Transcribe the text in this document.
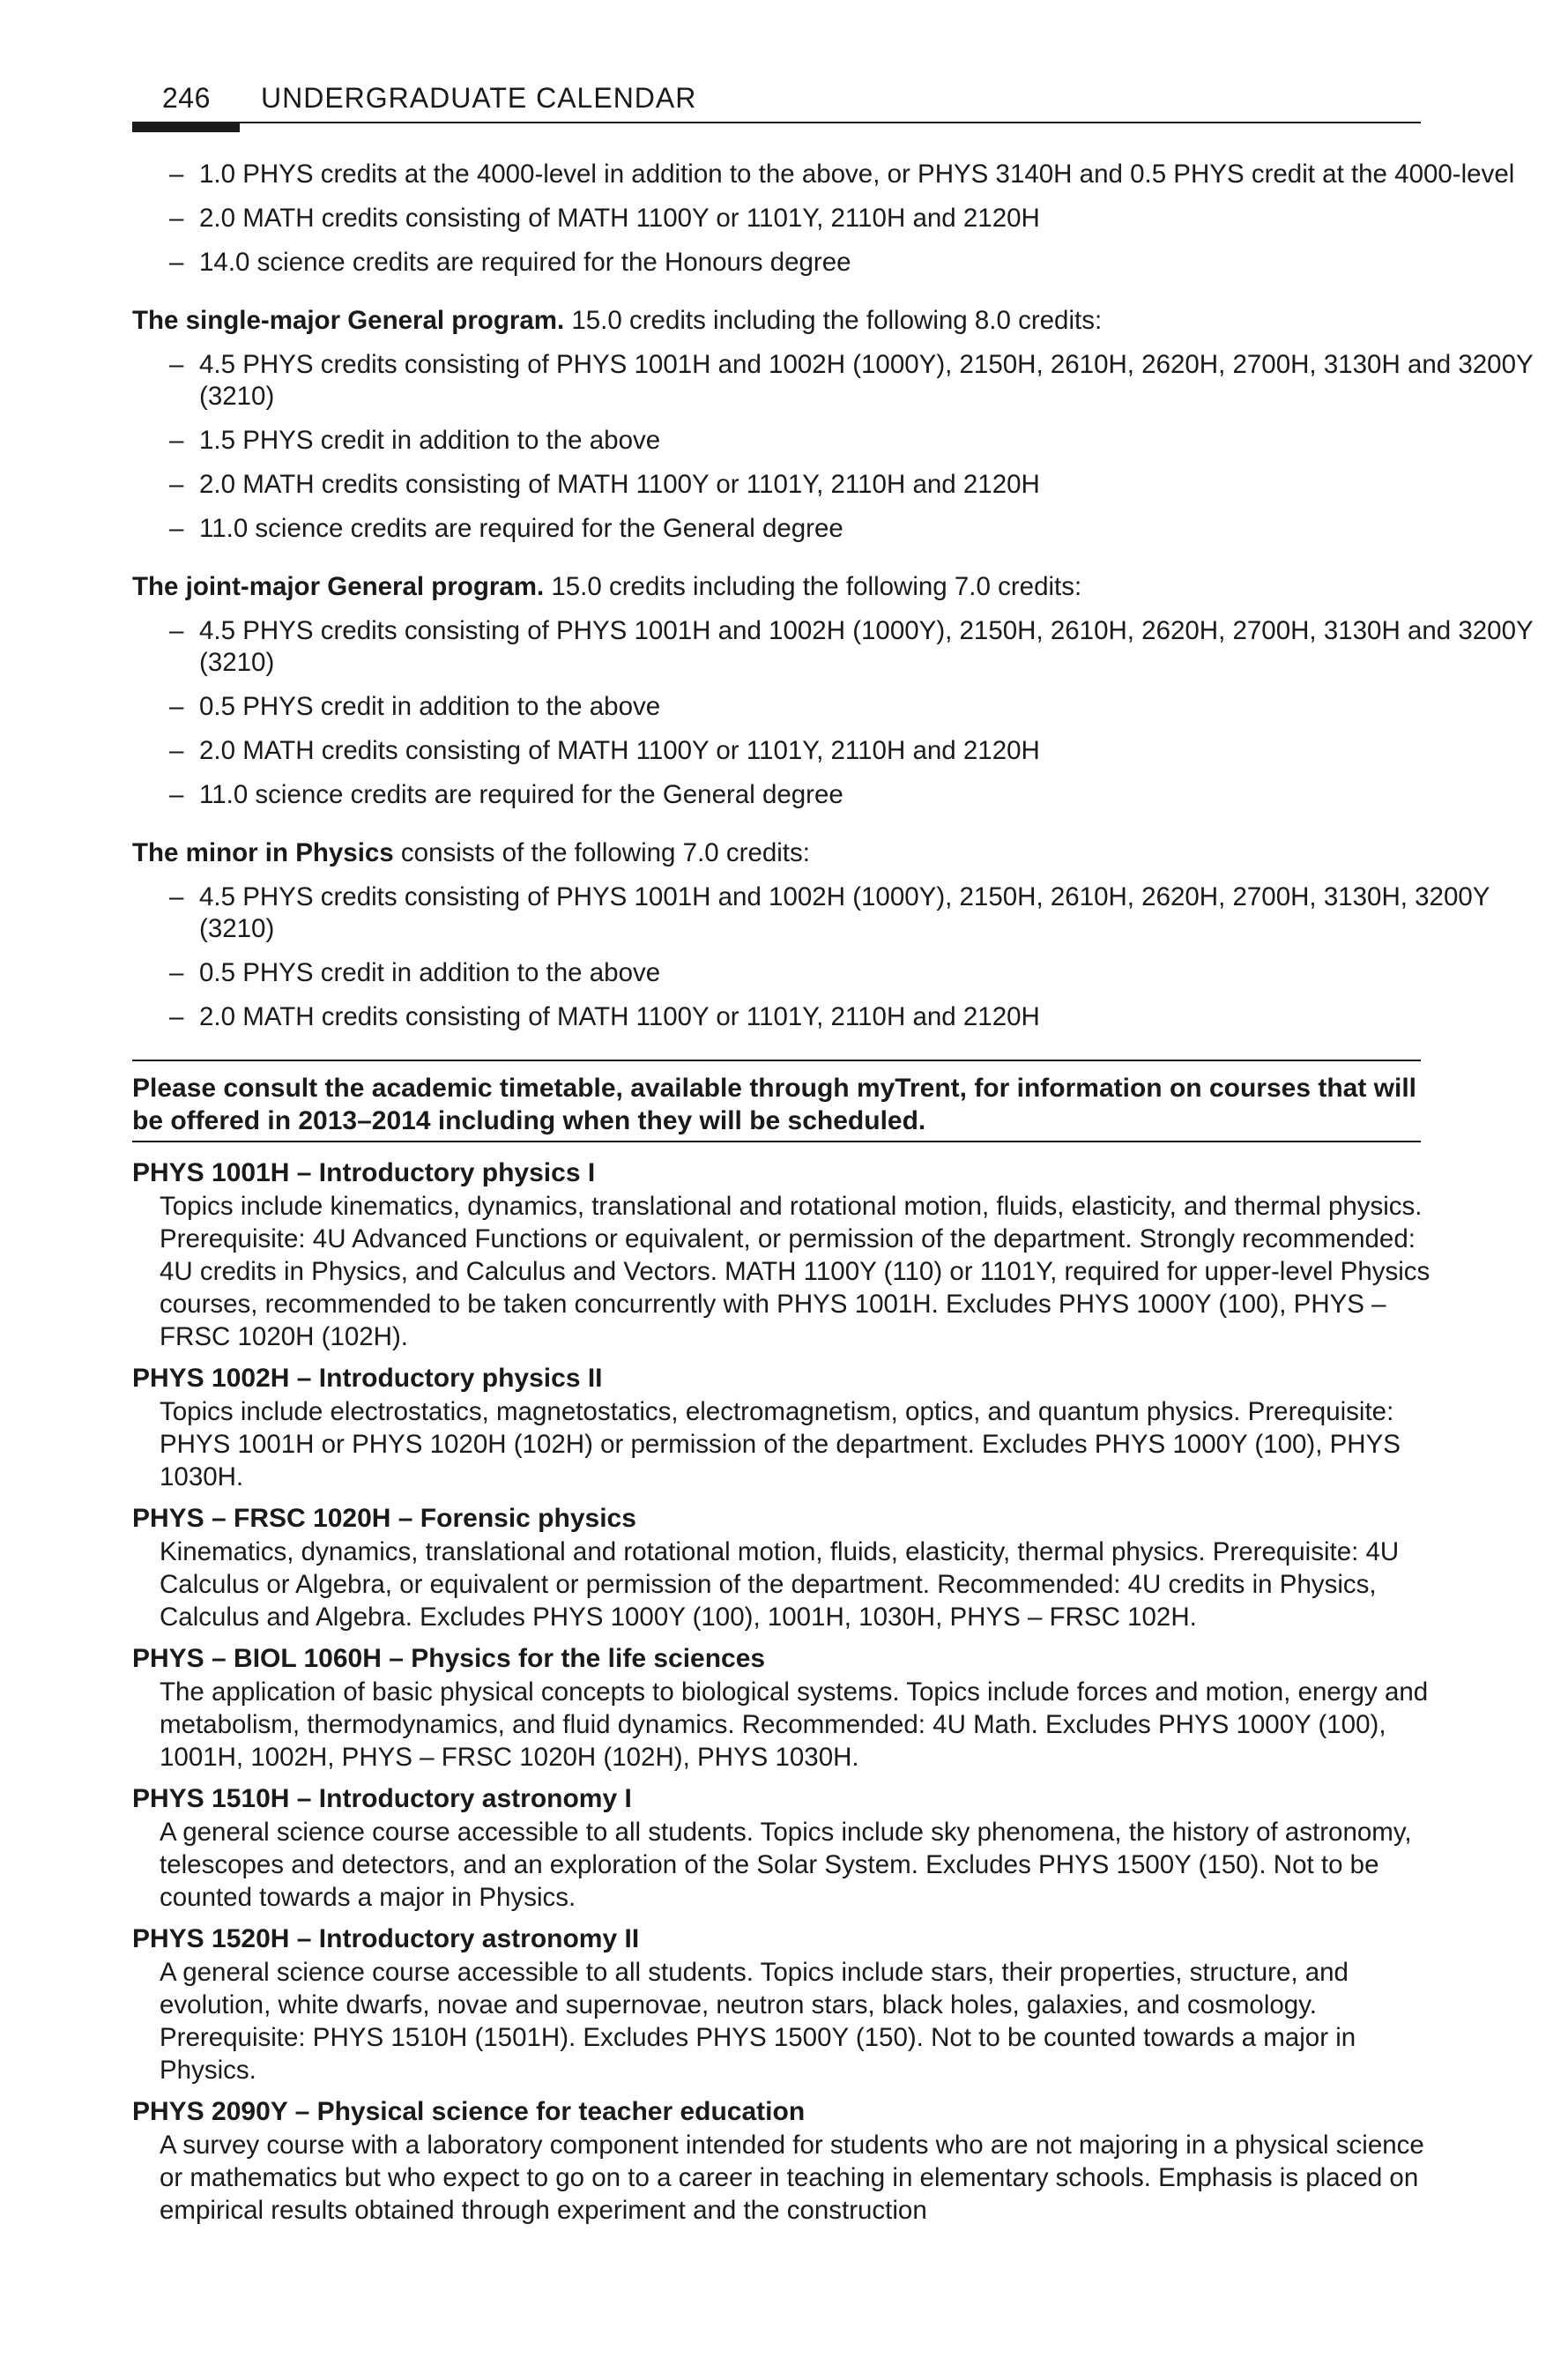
246 UNDERGRADUATE CALENDAR
– 1.0 PHYS credits at the 4000-level in addition to the above, or PHYS 3140H and 0.5 PHYS credit at the 4000-level
– 2.0 MATH credits consisting of MATH 1100Y or 1101Y, 2110H and 2120H
– 14.0 science credits are required for the Honours degree
The single-major General program. 15.0 credits including the following 8.0 credits:
– 4.5 PHYS credits consisting of PHYS 1001H and 1002H (1000Y), 2150H, 2610H, 2620H, 2700H, 3130H and 3200Y (3210)
– 1.5 PHYS credit in addition to the above
– 2.0 MATH credits consisting of MATH 1100Y or 1101Y, 2110H and 2120H
– 11.0 science credits are required for the General degree
The joint-major General program. 15.0 credits including the following 7.0 credits:
– 4.5 PHYS credits consisting of PHYS 1001H and 1002H (1000Y), 2150H, 2610H, 2620H, 2700H, 3130H and 3200Y (3210)
– 0.5 PHYS credit in addition to the above
– 2.0 MATH credits consisting of MATH 1100Y or 1101Y, 2110H and 2120H
– 11.0 science credits are required for the General degree
The minor in Physics consists of the following 7.0 credits:
– 4.5 PHYS credits consisting of PHYS 1001H and 1002H (1000Y), 2150H, 2610H, 2620H, 2700H, 3130H, 3200Y (3210)
– 0.5 PHYS credit in addition to the above
– 2.0 MATH credits consisting of MATH 1100Y or 1101Y, 2110H and 2120H
Please consult the academic timetable, available through myTrent, for information on courses that will be offered in 2013–2014 including when they will be scheduled.
PHYS 1001H – Introductory physics I
Topics include kinematics, dynamics, translational and rotational motion, fluids, elasticity, and thermal physics. Prerequisite: 4U Advanced Functions or equivalent, or permission of the department. Strongly recommended: 4U credits in Physics, and Calculus and Vectors. MATH 1100Y (110) or 1101Y, required for upper-level Physics courses, recommended to be taken concurrently with PHYS 1001H. Excludes PHYS 1000Y (100), PHYS – FRSC 1020H (102H).
PHYS 1002H – Introductory physics II
Topics include electrostatics, magnetostatics, electromagnetism, optics, and quantum physics. Prerequisite: PHYS 1001H or PHYS 1020H (102H) or permission of the department. Excludes PHYS 1000Y (100), PHYS 1030H.
PHYS – FRSC 1020H – Forensic physics
Kinematics, dynamics, translational and rotational motion, fluids, elasticity, thermal physics. Prerequisite: 4U Calculus or Algebra, or equivalent or permission of the department. Recommended: 4U credits in Physics, Calculus and Algebra. Excludes PHYS 1000Y (100), 1001H, 1030H, PHYS – FRSC 102H.
PHYS – BIOL 1060H – Physics for the life sciences
The application of basic physical concepts to biological systems. Topics include forces and motion, energy and metabolism, thermodynamics, and fluid dynamics. Recommended: 4U Math. Excludes PHYS 1000Y (100), 1001H, 1002H, PHYS – FRSC 1020H (102H), PHYS 1030H.
PHYS 1510H – Introductory astronomy I
A general science course accessible to all students. Topics include sky phenomena, the history of astronomy, telescopes and detectors, and an exploration of the Solar System. Excludes PHYS 1500Y (150). Not to be counted towards a major in Physics.
PHYS 1520H – Introductory astronomy II
A general science course accessible to all students. Topics include stars, their properties, structure, and evolution, white dwarfs, novae and supernovae, neutron stars, black holes, galaxies, and cosmology. Prerequisite: PHYS 1510H (1501H). Excludes PHYS 1500Y (150). Not to be counted towards a major in Physics.
PHYS 2090Y – Physical science for teacher education
A survey course with a laboratory component intended for students who are not majoring in a physical science or mathematics but who expect to go on to a career in teaching in elementary schools. Emphasis is placed on empirical results obtained through experiment and the construction
